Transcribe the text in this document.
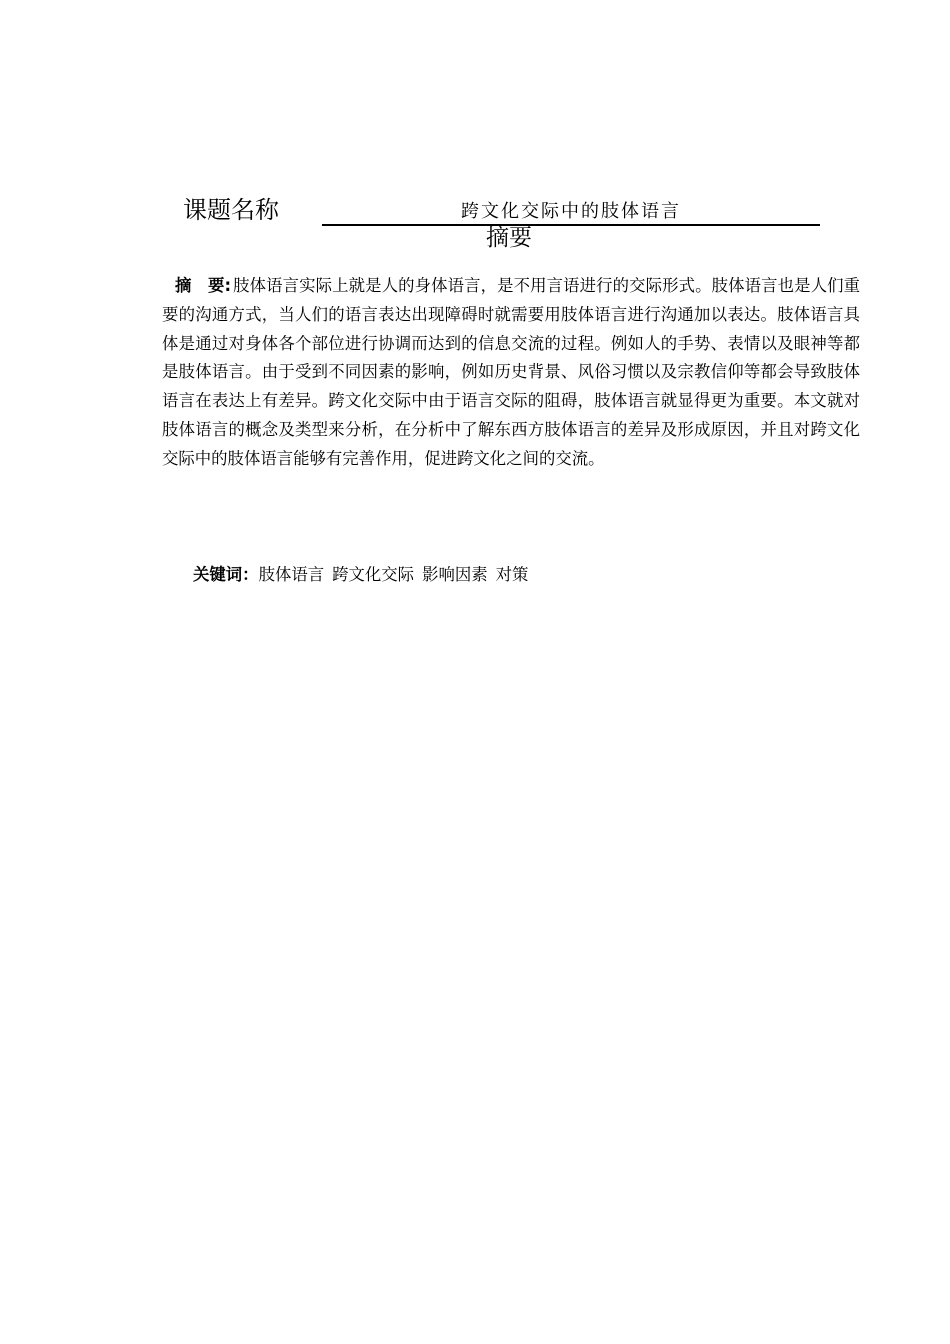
课题名称	跨文化交际中的肢体语言
摘要
摘　要: 肢体语言实际上就是人的身体语言，是不用言语进行的交际形式。肢体语言也是人们重要的沟通方式，当人们的语言表达出现障碍时就需要用肢体语言进行沟通加以表达。肢体语言具体是通过对身体各个部位进行协调而达到的信息交流的过程。例如人的手势、表情以及眼神等都是肢体语言。由于受到不同因素的影响，例如历史背景、风俗习惯以及宗教信仰等都会导致肢体语言在表达上有差异。跨文化交际中由于语言交际的阻碍，肢体语言就显得更为重要。本文就对肢体语言的概念及类型来分析，在分析中了解东西方肢体语言的差异及形成原因，并且对跨文化交际中的肢体语言能够有完善作用，促进跨文化之间的交流。
关键词：肢体语言 跨文化交际 影响因素 对策
